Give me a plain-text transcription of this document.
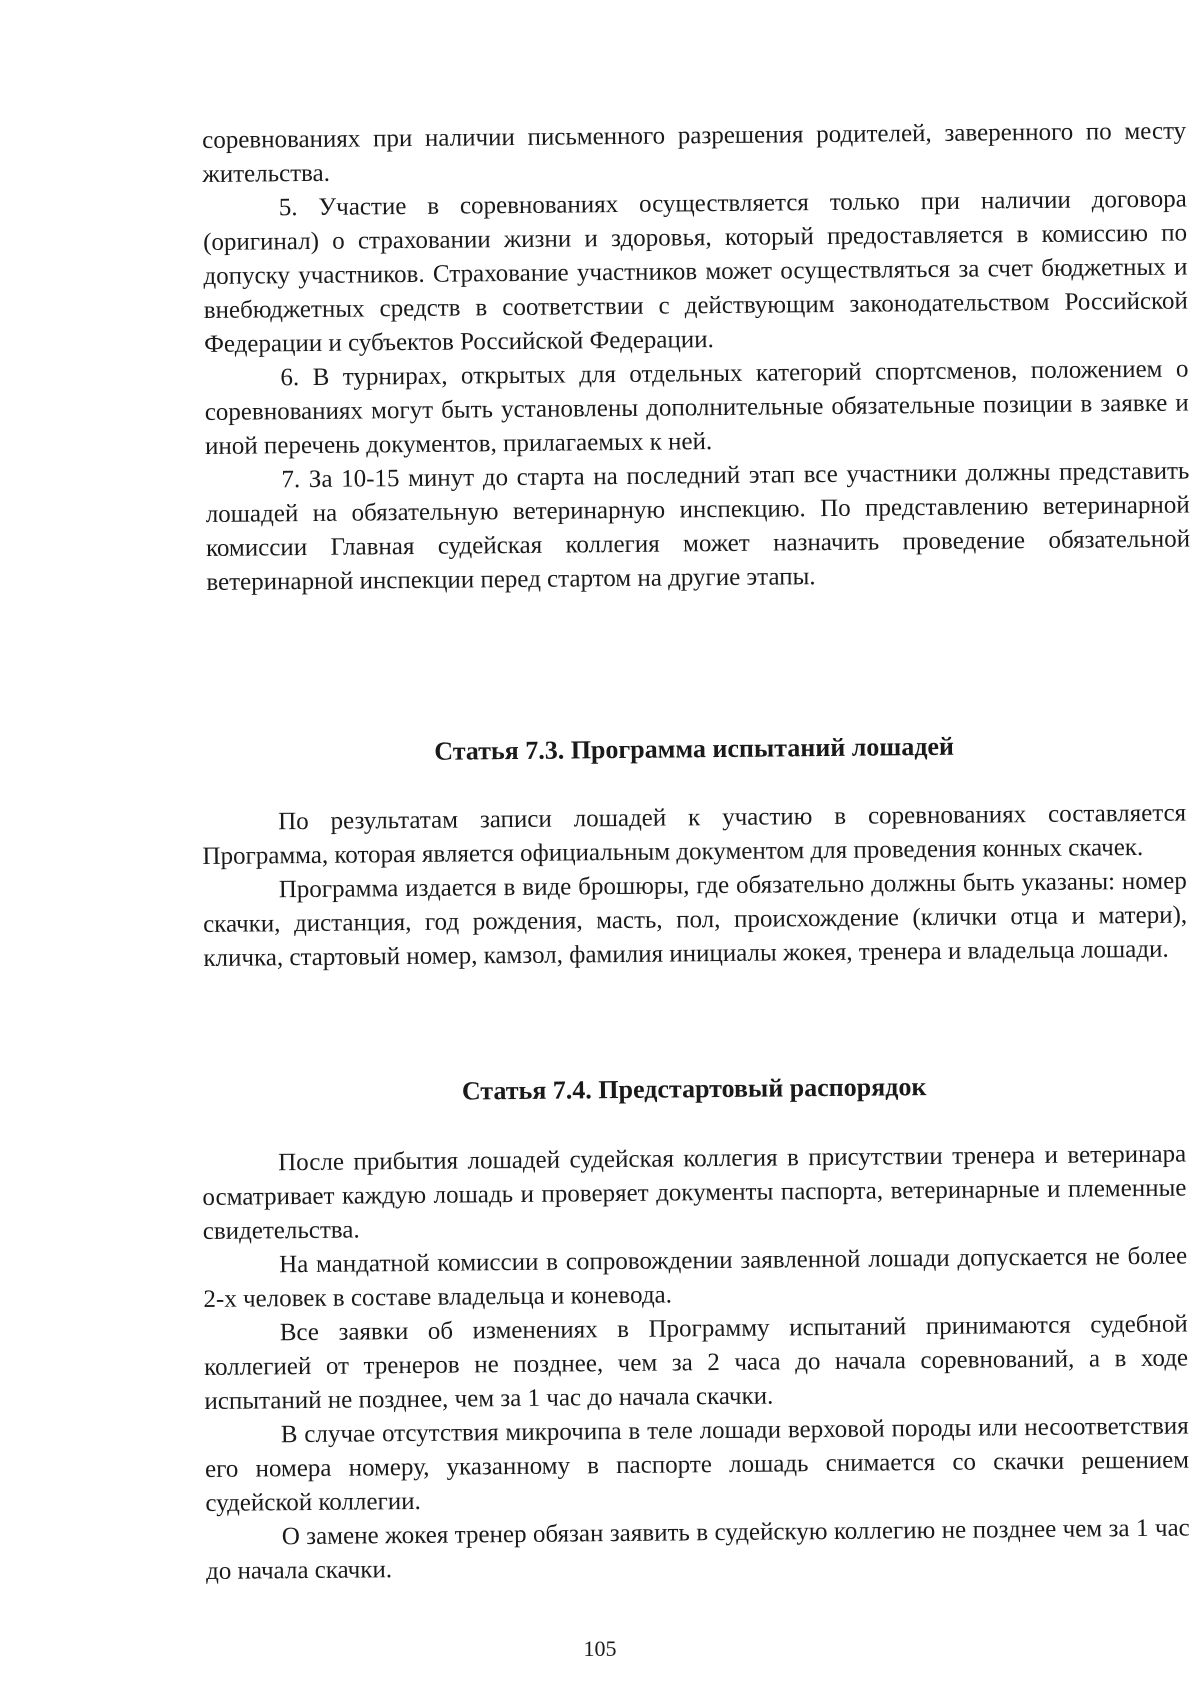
соревнованиях при наличии письменного разрешения родителей, заверенного по месту жительства.

5. Участие в соревнованиях осуществляется только при наличии договора (оригинал) о страховании жизни и здоровья, который предоставляется в комиссию по допуску участников. Страхование участников может осуществляться за счет бюджетных и внебюджетных средств в соответствии с действующим законодательством Российской Федерации и субъектов Российской Федерации.

6. В турнирах, открытых для отдельных категорий спортсменов, положением о соревнованиях могут быть установлены дополнительные обязательные позиции в заявке и иной перечень документов, прилагаемых к ней.

7. За 10-15 минут до старта на последний этап все участники должны представить лошадей на обязательную ветеринарную инспекцию. По представлению ветеринарной комиссии Главная судейская коллегия может назначить проведение обязательной ветеринарной инспекции перед стартом на другие этапы.

Статья 7.3. Программа испытаний лошадей

По результатам записи лошадей к участию в соревнованиях составляется Программа, которая является официальным документом для проведения конных скачек.

Программа издается в виде брошюры, где обязательно должны быть указаны: номер скачки, дистанция, год рождения, масть, пол, происхождение (клички отца и матери), кличка, стартовый номер, камзол, фамилия инициалы жокея, тренера и владельца лошади.

Статья 7.4. Предстартовый распорядок

После прибытия лошадей судейская коллегия в присутствии тренера и ветеринара осматривает каждую лошадь и проверяет документы паспорта, ветеринарные и племенные свидетельства.

На мандатной комиссии в сопровождении заявленной лошади допускается не более 2-х человек в составе владельца и коневода.

Все заявки об изменениях в Программу испытаний принимаются судебной коллегией от тренеров не позднее, чем за 2 часа до начала соревнований, а в ходе испытаний не позднее, чем за 1 час до начала скачки.

В случае отсутствия микрочипа в теле лошади верховой породы или несоответствия его номера номеру, указанному в паспорте лошадь снимается со скачки решением судейской коллегии.

О замене жокея тренер обязан заявить в судейскую коллегию не позднее чем за 1 час до начала скачки.

105
